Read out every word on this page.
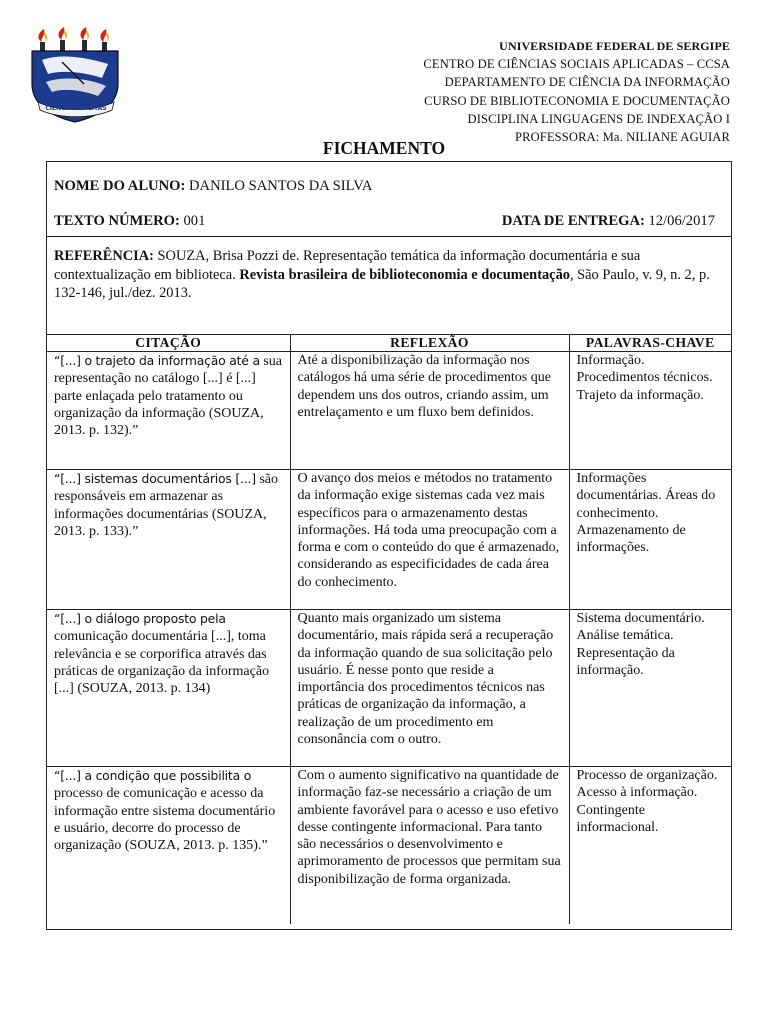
CIENCIA CIVILITAS
UNIVERSIDADE FEDERAL DE SERGIPE
CENTRO DE CIÊNCIAS SOCIAIS APLICADAS – CCSA
DEPARTAMENTO DE CIÊNCIA DA INFORMAÇÃO
CURSO DE BIBLIOTECONOMIA E DOCUMENTAÇÃO
DISCIPLINA LINGUAGENS DE INDEXAÇÃO I
PROFESSORA: Ma. NILIANE AGUIAR
FICHAMENTO
NOME DO ALUNO: DANILO SANTOS DA SILVA
TEXTO NÚMERO: 001	DATA DE ENTREGA: 12/06/2017
REFERÊNCIA: SOUZA, Brisa Pozzi de. Representação temática da informação documentária e sua contextualização em biblioteca. Revista brasileira de biblioteconomia e documentação, São Paulo, v. 9, n. 2, p. 132-146, jul./dez. 2013.
CITAÇÃO	REFLEXÃO	PALAVRAS-CHAVE
“[...] o trajeto da informação até a sua representação no catálogo [...] é [...] parte enlaçada pelo tratamento ou organização da informação (SOUZA, 2013. p. 132).”	Até a disponibilização da informação nos catálogos há uma série de procedimentos que dependem uns dos outros, criando assim, um entrelaçamento e um fluxo bem definidos.	Informação. Procedimentos técnicos. Trajeto da informação.
“[...] sistemas documentários [...] são responsáveis em armazenar as informações documentárias (SOUZA, 2013. p. 133).”	O avanço dos meios e métodos no tratamento da informação exige sistemas cada vez mais específicos para o armazenamento destas informações. Há toda uma preocupação com a forma e com o conteúdo do que é armazenado, considerando as especificidades de cada área do conhecimento.	Informações documentárias. Áreas do conhecimento. Armazenamento de informações.
“[...] o diálogo proposto pela comunicação documentária [...], toma relevância e se corporifica através das práticas de organização da informação [...] (SOUZA, 2013. p. 134)	Quanto mais organizado um sistema documentário, mais rápida será a recuperação da informação quando de sua solicitação pelo usuário. É nesse ponto que reside a importância dos procedimentos técnicos nas práticas de organização da informação, a realização de um procedimento em consonância com o outro.	Sistema documentário. Análise temática. Representação da informação.
“[...] a condição que possibilita o processo de comunicação e acesso da informação entre sistema documentário e usuário, decorre do processo de organização (SOUZA, 2013. p. 135).”	Com o aumento significativo na quantidade de informação faz-se necessário a criação de um ambiente favorável para o acesso e uso efetivo desse contingente informacional. Para tanto são necessários o desenvolvimento e aprimoramento de processos que permitam sua disponibilização de forma organizada.	Processo de organização. Acesso à informação. Contingente informacional.
